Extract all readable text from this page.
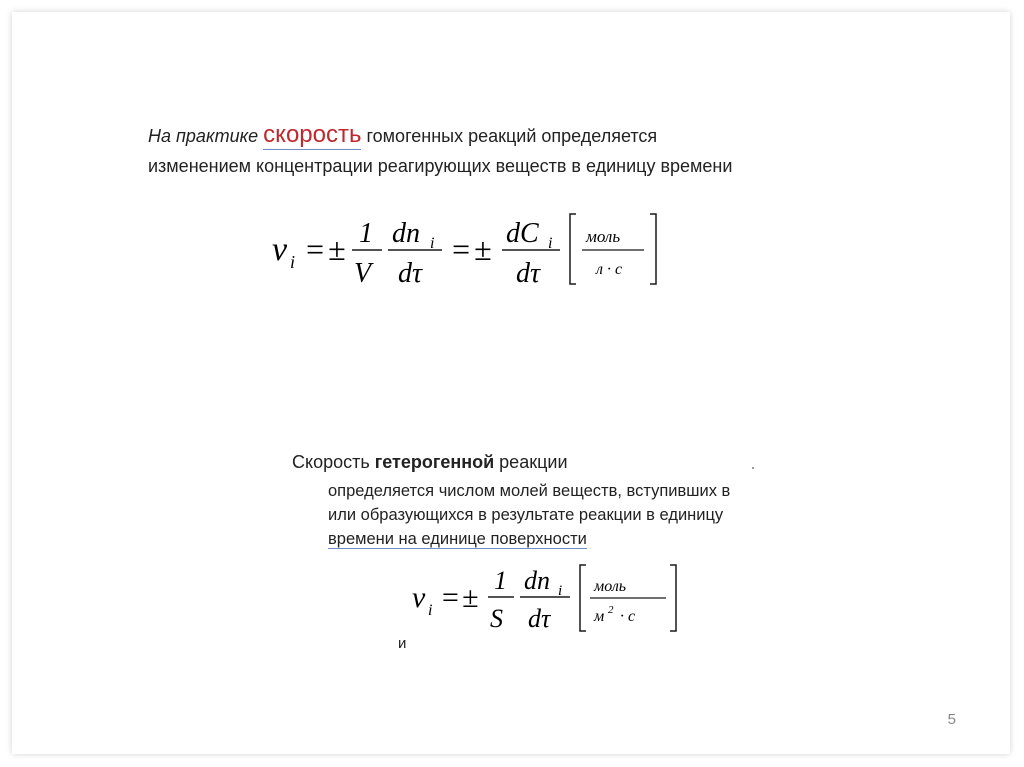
На практике скорость гомогенных реакций определяется
изменением концентрации реагирующих веществ в единицу времени
v i = ± 1
V
dn i
dτ
= ± dC i
dτ
моль
л · с
Скорость гетерогенной реакции
определяется числом молей веществ, вступивших в
или образующихся в результате реакции в единицу
времени на единице поверхности
v i = ±
1
S
dn i
dτ
моль
м 2 · с
и
5
